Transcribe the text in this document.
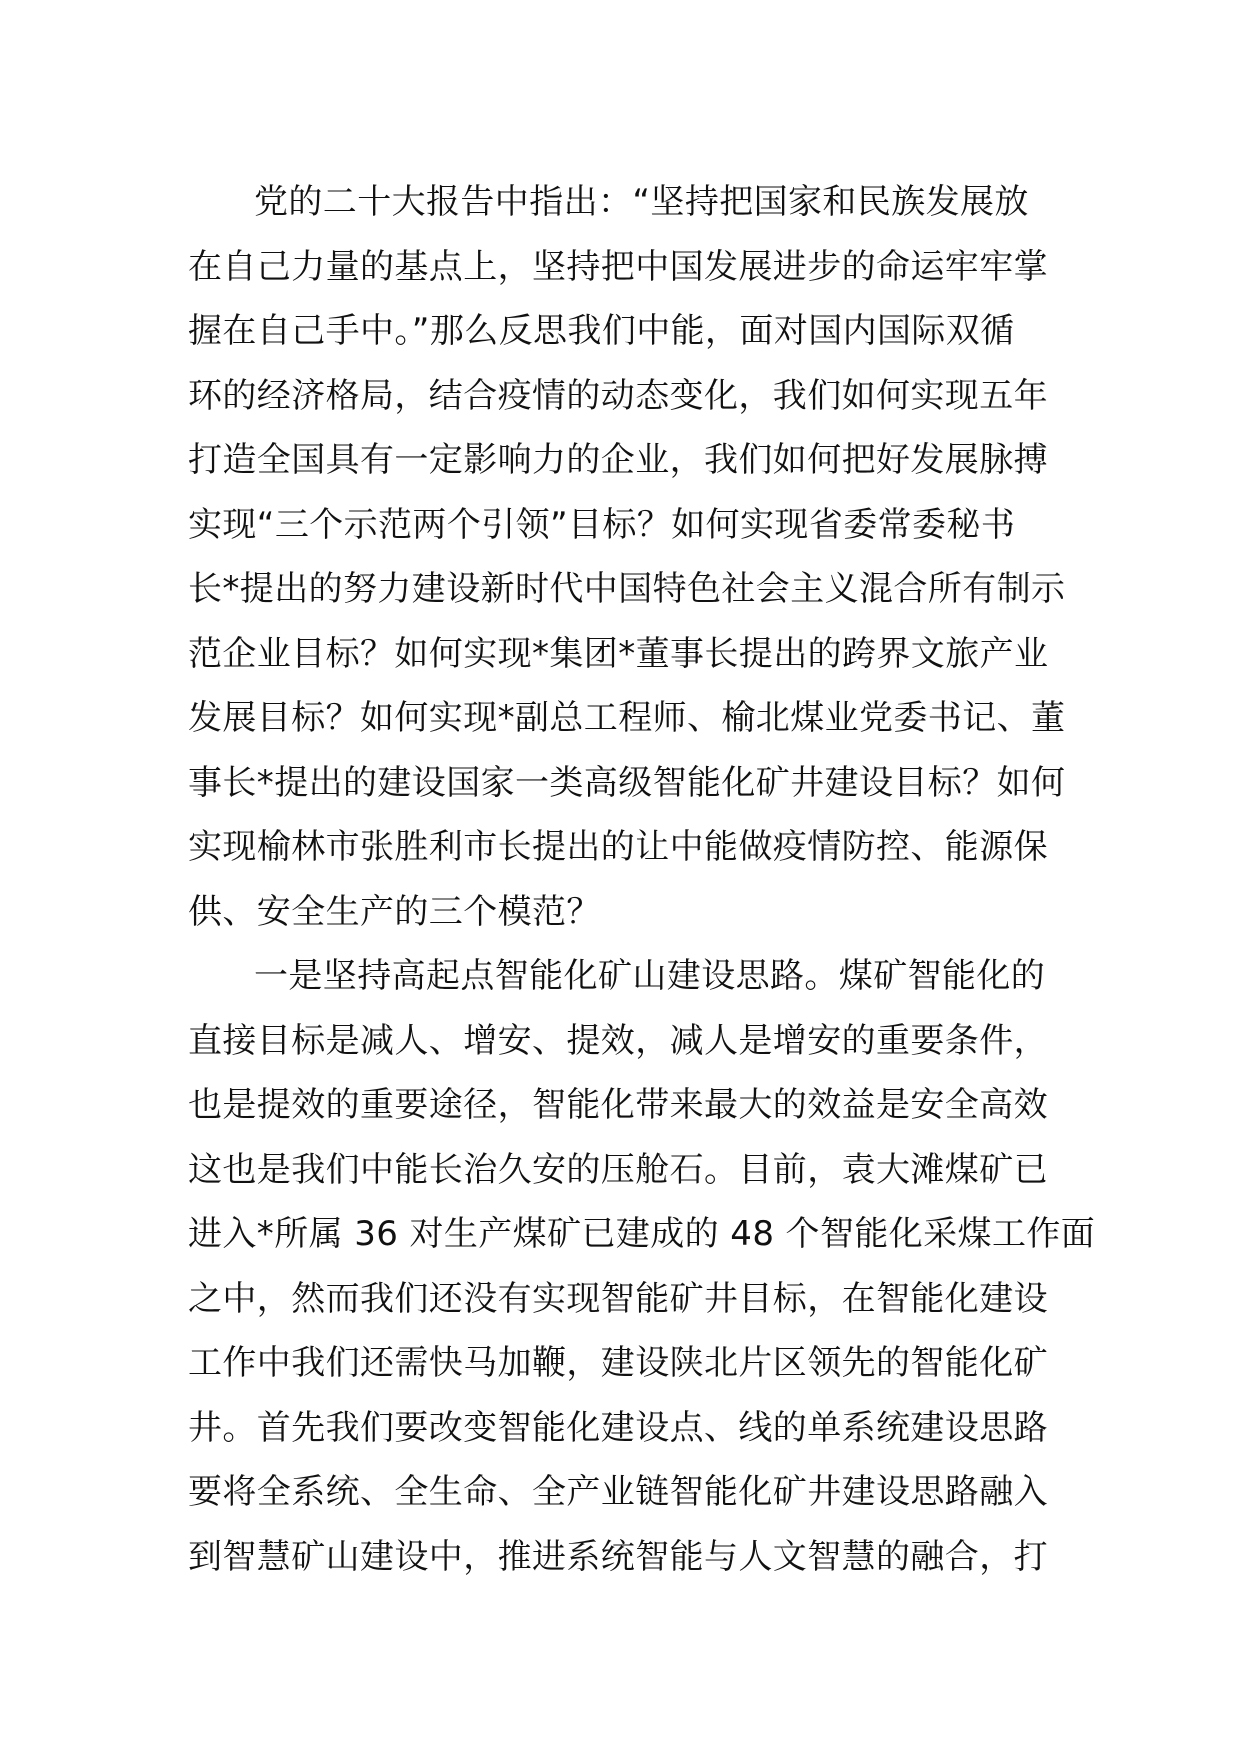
党的二十大报告中指出：“坚持把国家和民族发展放
在自己力量的基点上，坚持把中国发展进步的命运牢牢掌
握在自己手中。”那么反思我们中能，面对国内国际双循
环的经济格局，结合疫情的动态变化，我们如何实现五年
打造全国具有一定影响力的企业，我们如何把好发展脉搏
实现“三个示范两个引领”目标？如何实现省委常委秘书
长*提出的努力建设新时代中国特色社会主义混合所有制示
范企业目标？如何实现*集团*董事长提出的跨界文旅产业
发展目标？如何实现*副总工程师、榆北煤业党委书记、董
事长*提出的建设国家一类高级智能化矿井建设目标？如何
实现榆林市张胜利市长提出的让中能做疫情防控、能源保
供、安全生产的三个模范？
一是坚持高起点智能化矿山建设思路。煤矿智能化的
直接目标是减人、增安、提效，减人是增安的重要条件，
也是提效的重要途径，智能化带来最大的效益是安全高效
这也是我们中能长治久安的压舱石。目前，袁大滩煤矿已
进入*所属 36 对生产煤矿已建成的 48 个智能化采煤工作面
之中，然而我们还没有实现智能矿井目标，在智能化建设
工作中我们还需快马加鞭，建设陕北片区领先的智能化矿
井。首先我们要改变智能化建设点、线的单系统建设思路
要将全系统、全生命、全产业链智能化矿井建设思路融入
到智慧矿山建设中，推进系统智能与人文智慧的融合，打
